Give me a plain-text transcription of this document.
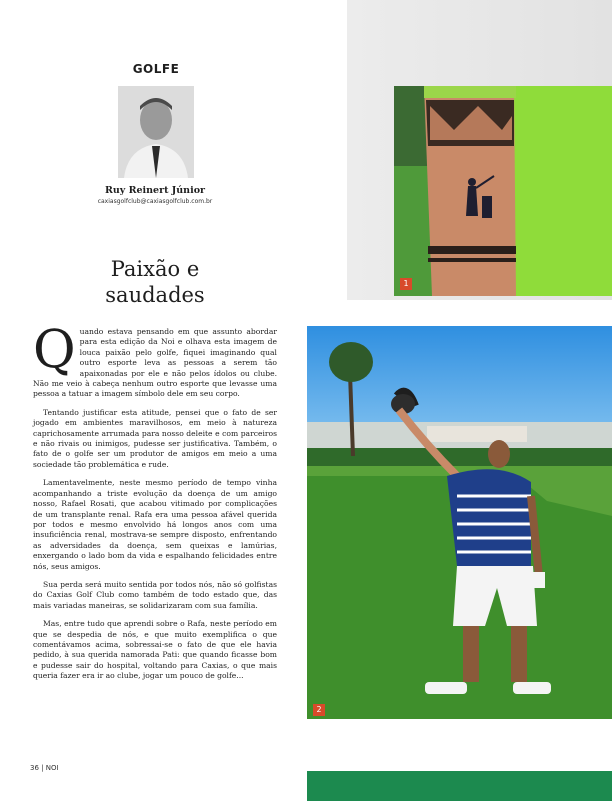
GOLFE
Ruy Reinert Júnior
caxiasgolfclub@caxiasgolfclub.com.br
Paixão e
saudades	1
2

Quando estava pensando em que assunto abordar para esta edição da Noi e olhava esta imagem de louca paixão pelo golfe, fiquei imaginando qual outro esporte leva as pessoas a serem tão apaixonadas por ele e não pelos ídolos ou clube. Não me veio à cabeça nenhum outro esporte que levasse uma pessoa a tatuar a imagem símbolo dele em seu corpo.

Tentando justificar esta atitude, pensei que o fato de ser jogado em ambientes maravilhosos, em meio à natureza caprichosamente arrumada para nosso deleite e com parceiros e não rivais ou inimigos, pudesse ser justificativa. Também, o fato de o golfe ser um produtor de amigos em meio a uma sociedade tão problemática e rude.

Lamentavelmente, neste mesmo período de tempo vinha acompanhando a triste evolução da doença de um amigo nosso, Rafael Rosati, que acabou vitimado por complicações de um transplante renal. Rafa era uma pessoa afável querida por todos e mesmo envolvido há longos anos com uma insuficiência renal, mostrava-se sempre disposto, enfrentando as adversidades da doença, sem queixas e lamúrias, enxergando o lado bom da vida e espalhando felicidades entre nós, seus amigos.

Sua perda será muito sentida por todos nós, não só golfistas do Caxias Golf Club como também de todo estado que, das mais variadas maneiras, se solidarizaram com sua família.

Mas, entre tudo que aprendi sobre o Rafa, neste período em que se despedia de nós, e que muito exemplifica o que comentávamos acima, sobressai-se o fato de que ele havia pedido, à sua querida namorada Pati: que quando ficasse bom e pudesse sair do hospital, voltando para Caxias, o que mais queria fazer era ir ao clube, jogar um pouco de golfe...

36 | NOI
